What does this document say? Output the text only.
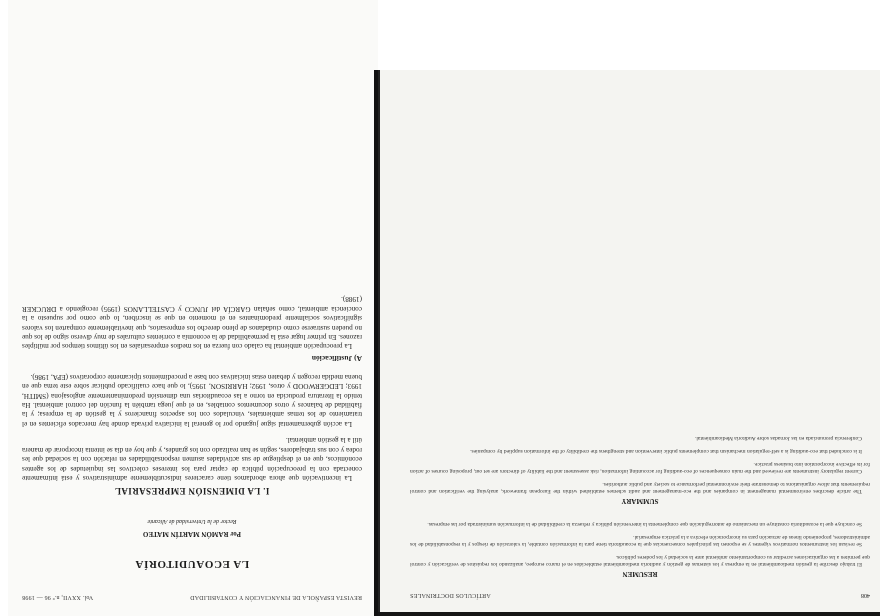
REVISTA ESPAÑOLA DE FINANCIACIÓN Y CONTABILIDAD
Vol. XXVII, n.º 96 — 1998
LA ECOAUDITORÍA
Por RAMÓN MARTÍN MATEO
Rector de la Universidad de Alicante
I. LA DIMENSIÓN EMPRESARIAL

La incentivación que ahora abordamos tiene caracteres indiscutiblemente administrativos y está íntimamente conectada con la preocupación pública de captar para los intereses colectivos las inquietudes de los agentes económicos, que en el despliegue de sus actividades asumen responsabilidades en relación con la sociedad que les rodea y con sus trabajadores, según se han realizado con los grandes, y que hoy en día se intenta incorporar de manera útil a la gestión ambiental.

La acción gubernamental sigue jugando por lo general la iniciativa privada donde hay mercados eficientes en el tratamiento de los temas ambientales, vinculados con los aspectos financieros y la gestión de la empresa; y la fiabilidad de balances y otros documentos contables, en el que juega también la función del control ambiental. Ha tenido la literatura producida en torno a las ecoauditorías una dimensión predominantemente anglosajona (SMITH, 1993; LEDGERWOOD y otros, 1992; HARRISON, 1995), lo que hace cualificado publicar sobre este tema que en buena medida recogen y debaten estas iniciativas con base a procedimientos típicamente corporativos (EPA, 1986).

A) Justificación

La preocupación ambiental ha calado con fuerza en los medios empresariales en los últimos tiempos por múltiples razones. En primer lugar está la permeabilidad de la economía a corrientes culturales de muy diverso signo de los que no pueden sustraerse como ciudadanos de pleno derecho los empresarios, que inevitablemente comparten los valores significativos socialmente predominantes en el momento en que se inscriben, lo que como por supuesto a la conciencia ambiental, como señalan GARCÍA del JUNCO y CASTELLANOS (1995) recogiendo a DRUCKER (1988).

408
ARTÍCULOS DOCTRINALES
RESUMEN

El trabajo describe la gestión medioambiental en la empresa y los sistemas de gestión y auditoría medioambiental establecidos en el marco europeo, analizando los requisitos de verificación y control que permiten a las organizaciones acreditar su comportamiento ambiental ante la sociedad y los poderes públicos.

Se revisan los instrumentos normativos vigentes y se exponen las principales consecuencias que la ecoauditoría tiene para la información contable, la valoración de riesgos y la responsabilidad de los administradores, proponiendo líneas de actuación para su incorporación efectiva a la práctica empresarial.

Se concluye que la ecoauditoría constituye un mecanismo de autorregulación que complementa la intervención pública y refuerza la credibilidad de la información suministrada por las empresas.

SUMMARY

The article describes environmental management in companies and the eco-management and audit schemes established within the European framework, analysing the verification and control requirements that allow organisations to demonstrate their environmental performance to society and public authorities.

Current regulatory instruments are reviewed and the main consequences of eco-auditing for accounting information, risk assessment and the liability of directors are set out, proposing courses of action for its effective incorporation into business practice.

It is concluded that eco-auditing is a self-regulation mechanism that complements public intervention and strengthens the credibility of the information supplied by companies.

Conferencia pronunciada en las Jornadas sobre Auditoría Medioambiental.
